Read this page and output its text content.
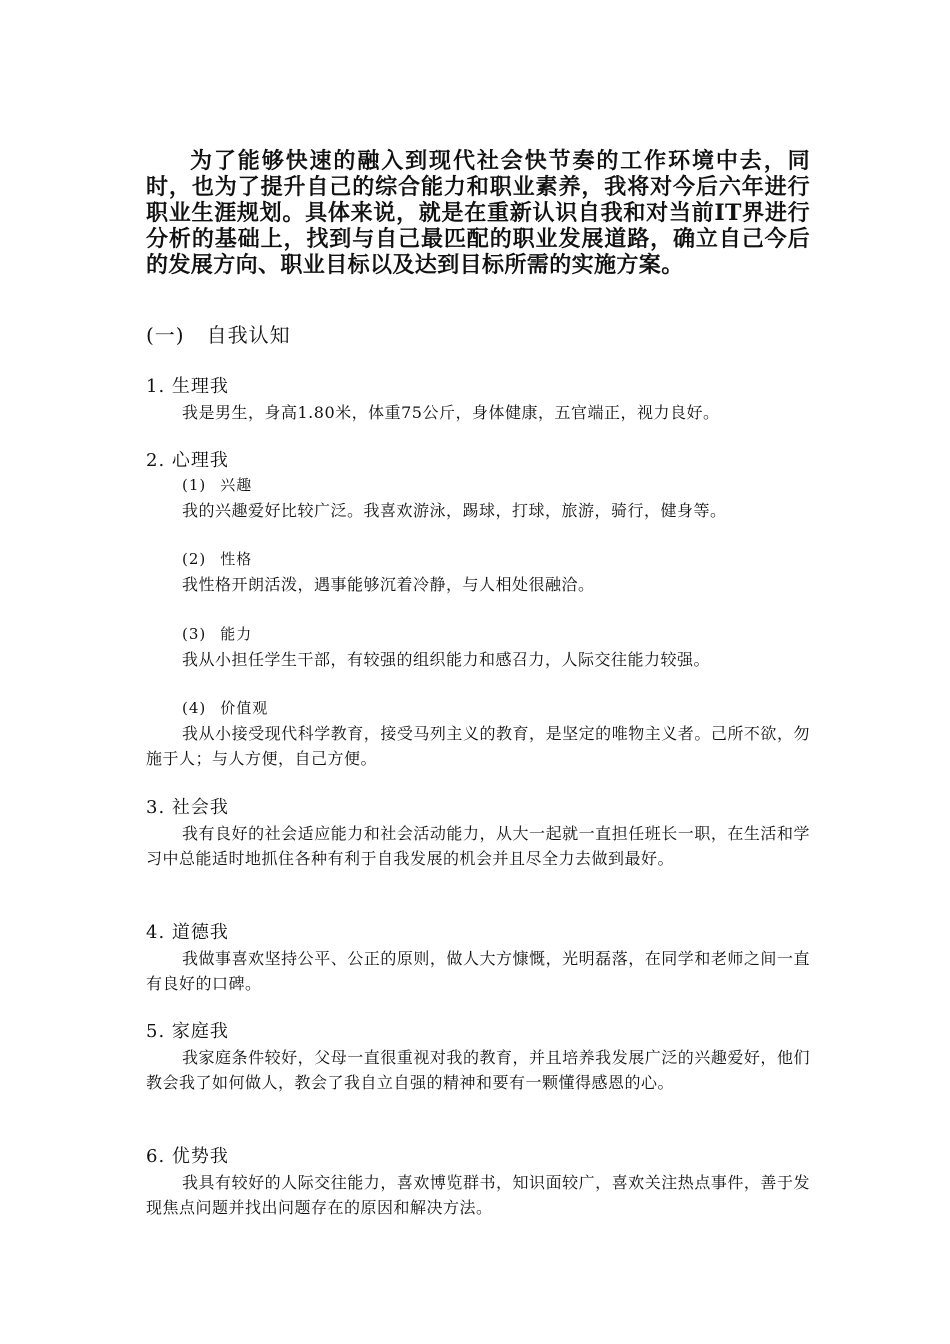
为了能够快速的融入到现代社会快节奏的工作环境中去，同时，也为了提升自己的综合能力和职业素养，我将对今后六年进行职业生涯规划。具体来说，就是在重新认识自我和对当前IT界进行分析的基础上，找到与自己最匹配的职业发展道路，确立自己今后的发展方向、职业目标以及达到目标所需的实施方案。

(一) 自我认知
1. 生理我

我是男生，身高1.80米，体重75公斤，身体健康，五官端正，视力良好。

2. 心理我
(1) 兴趣

我的兴趣爱好比较广泛。我喜欢游泳，踢球，打球，旅游，骑行，健身等。

(2) 性格

我性格开朗活泼，遇事能够沉着冷静，与人相处很融洽。

(3) 能力

我从小担任学生干部，有较强的组织能力和感召力，人际交往能力较强。

(4) 价值观

我从小接受现代科学教育，接受马列主义的教育，是坚定的唯物主义者。己所不欲，勿施于人；与人方便，自己方便。

3. 社会我

我有良好的社会适应能力和社会活动能力，从大一起就一直担任班长一职，在生活和学习中总能适时地抓住各种有利于自我发展的机会并且尽全力去做到最好。

4. 道德我

我做事喜欢坚持公平、公正的原则，做人大方慷慨，光明磊落，在同学和老师之间一直有良好的口碑。

5. 家庭我

我家庭条件较好，父母一直很重视对我的教育，并且培养我发展广泛的兴趣爱好，他们教会我了如何做人，教会了我自立自强的精神和要有一颗懂得感恩的心。

6. 优势我

我具有较好的人际交往能力，喜欢博览群书，知识面较广，喜欢关注热点事件，善于发现焦点问题并找出问题存在的原因和解决方法。
